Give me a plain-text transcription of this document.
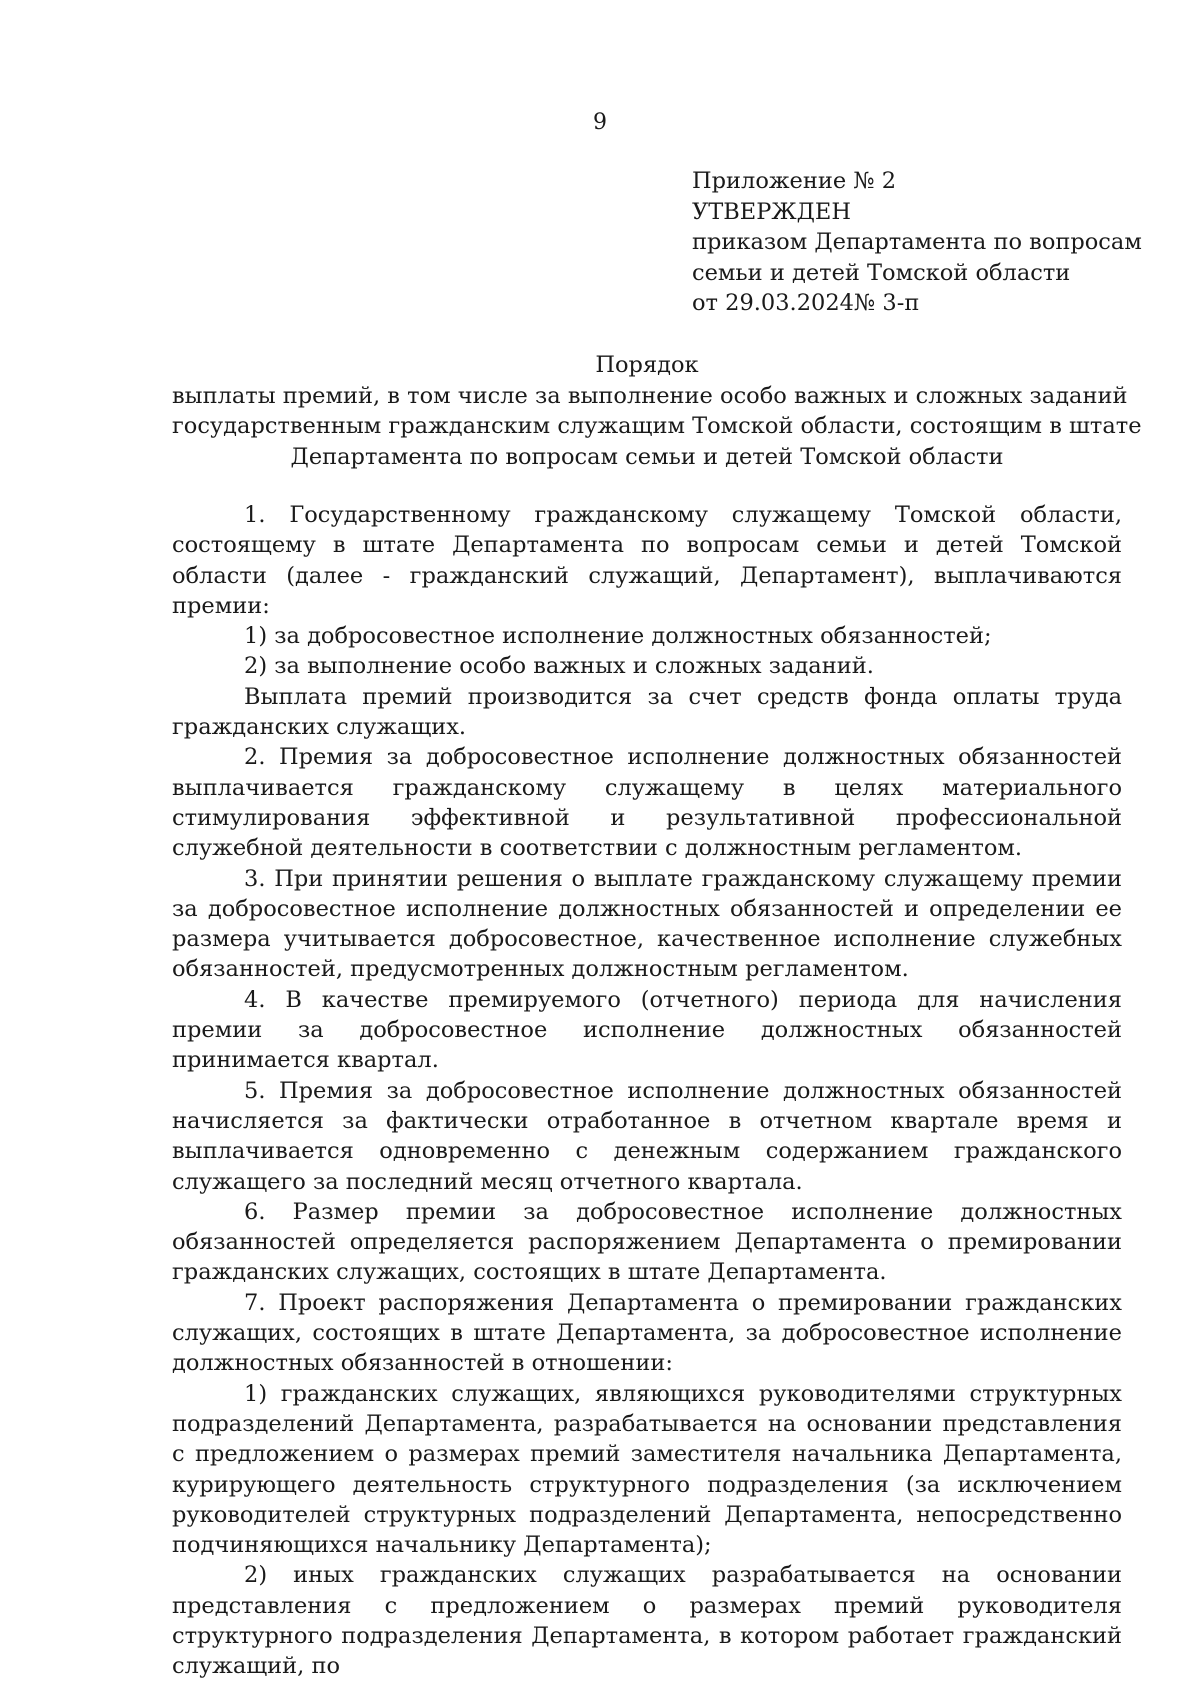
9
Приложение № 2
УТВЕРЖДЕН
приказом Департамента по вопросам
семьи и детей Томской области
от 29.03.2024№ 3-п
Порядок
выплаты премий, в том числе за выполнение особо важных и сложных заданий
государственным гражданским служащим Томской области, состоящим в штате
Департамента по вопросам семьи и детей Томской области

1. Государственному гражданскому служащему Томской области, состоящему в штате Департамента по вопросам семьи и детей Томской области (далее - гражданский служащий, Департамент), выплачиваются премии:

1) за добросовестное исполнение должностных обязанностей;

2) за выполнение особо важных и сложных заданий.

Выплата премий производится за счет средств фонда оплаты труда гражданских служащих.

2. Премия за добросовестное исполнение должностных обязанностей выплачивается гражданскому служащему в целях материального стимулирования эффективной и результативной профессиональной служебной деятельности в соответствии с должностным регламентом.

3. При принятии решения о выплате гражданскому служащему премии за добросовестное исполнение должностных обязанностей и определении ее размера учитывается добросовестное, качественное исполнение служебных обязанностей, предусмотренных должностным регламентом.

4. В качестве премируемого (отчетного) периода для начисления премии за добросовестное исполнение должностных обязанностей принимается квартал.

5. Премия за добросовестное исполнение должностных обязанностей начисляется за фактически отработанное в отчетном квартале время и выплачивается одновременно с денежным содержанием гражданского служащего за последний месяц отчетного квартала.

6. Размер премии за добросовестное исполнение должностных обязанностей определяется распоряжением Департамента о премировании гражданских служащих, состоящих в штате Департамента.

7. Проект распоряжения Департамента о премировании гражданских служащих, состоящих в штате Департамента, за добросовестное исполнение должностных обязанностей в отношении:

1) гражданских служащих, являющихся руководителями структурных подразделений Департамента, разрабатывается на основании представления с предложением о размерах премий заместителя начальника Департамента, курирующего деятельность структурного подразделения (за исключением руководителей структурных подразделений Департамента, непосредственно подчиняющихся начальнику Департамента);

2) иных гражданских служащих разрабатывается на основании представления с предложением о размерах премий руководителя структурного подразделения Департамента, в котором работает гражданский служащий, по
